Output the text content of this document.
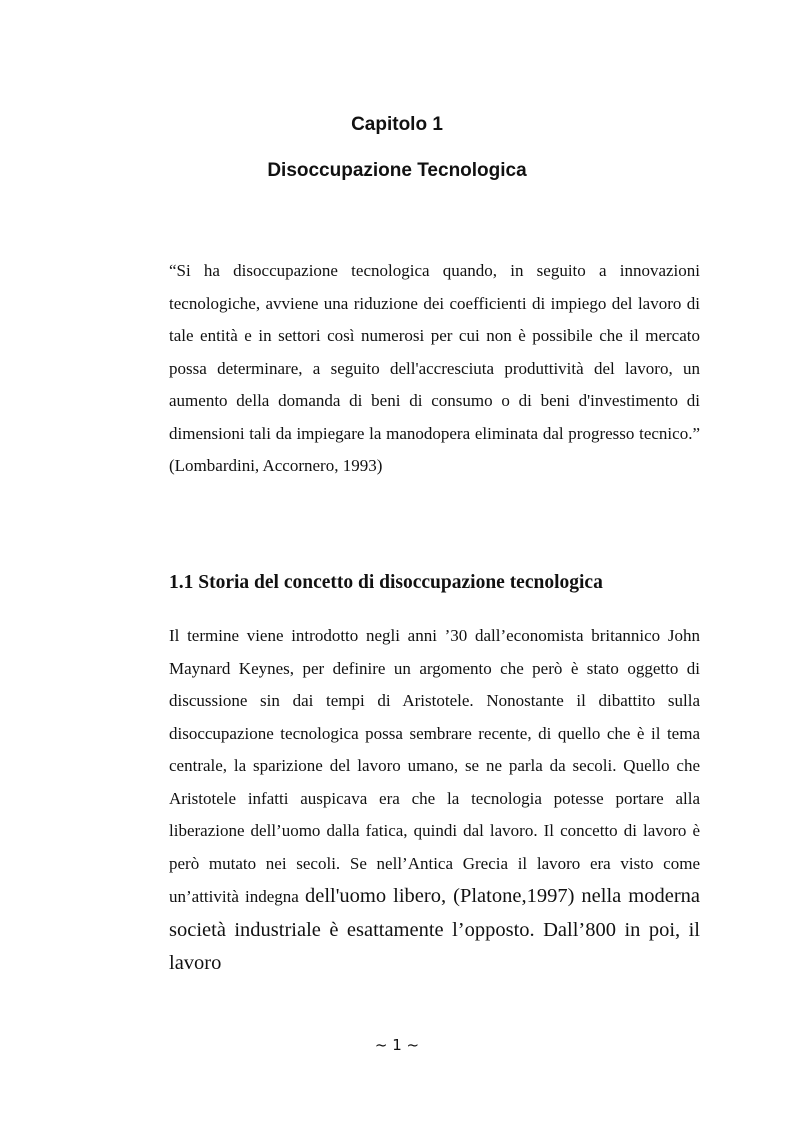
Capitolo 1
Disoccupazione Tecnologica

“Si ha disoccupazione tecnologica quando, in seguito a innovazioni tecnologiche, avviene una riduzione dei coefficienti di impiego del lavoro di tale entità e in settori così numerosi per cui non è possibile che il mercato possa determinare, a seguito dell'accresciuta produttività del lavoro, un aumento della domanda di beni di consumo o di beni d'investimento di dimensioni tali da impiegare la manodopera eliminata dal progresso tecnico.” (Lombardini, Accornero, 1993)

1.1 Storia del concetto di disoccupazione tecnologica

Il termine viene introdotto negli anni ’30 dall’economista britannico John Maynard Keynes, per definire un argomento che però è stato oggetto di discussione sin dai tempi di Aristotele. Nonostante il dibattito sulla disoccupazione tecnologica possa sembrare recente, di quello che è il tema centrale, la sparizione del lavoro umano, se ne parla da secoli. Quello che Aristotele infatti auspicava era che la tecnologia potesse portare alla liberazione dell’uomo dalla fatica, quindi dal lavoro. Il concetto di lavoro è però mutato nei secoli. Se nell’Antica Grecia il lavoro era visto come un’attività indegna dell'uomo libero, (Platone,1997) nella moderna società industriale è esattamente l’opposto. Dall’800 in poi, il lavoro

~ 1 ~
